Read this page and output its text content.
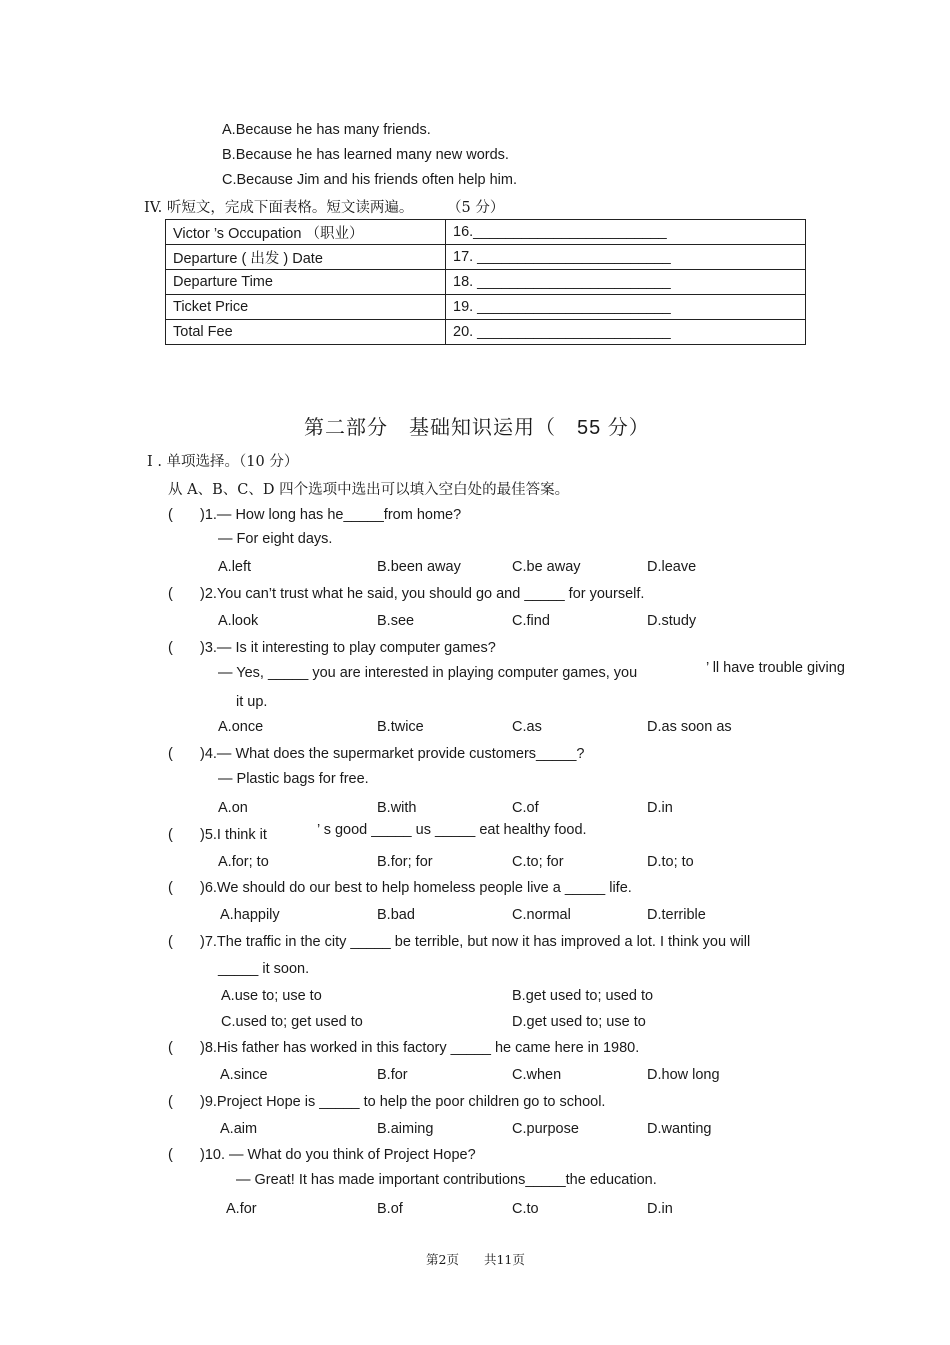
A.Because he has many friends.
B.Because he has learned many new words.
C.Because Jim and his friends often help him.
IV. 听短文，完成下面表格。短文读两遍。 （5 分）
Victor ’s Occupation （职业）	16.________________________
Departure ( 出发 ) Date	17. ________________________
Departure Time	18. ________________________
Ticket Price	19. ________________________
Total Fee	20. ________________________
第二部分　基础知识运用（　55 分）
I . 单项选择。（10 分）
从 A、B、C、D 四个选项中选出可以填入空白处的最佳答案。
( )1.— How long has he_____from home?
— For eight days.
A.left	B.been away	C.be away	D.leave
( )2.You can’t trust what he said, you should go and _____ for yourself.
A.look	B.see	C.find	D.study
( )3.— Is it interesting to play computer games?
— Yes, _____ you are interested in playing computer games, you	’ ll have trouble giving
it up.
A.once	B.twice	C.as	D.as soon as
( )4.— What does the supermarket provide customers_____?
— Plastic bags for free.
A.on	B.with	C.of	D.in
( )5.I think it	’ s good _____ us _____ eat healthy food.
A.for; to	B.for; for	C.to; for	D.to; to
( )6.We should do our best to help homeless people live a _____ life.
A.happily	B.bad	C.normal	D.terrible
( )7.The traffic in the city _____ be terrible, but now it has improved a lot. I think you will
_____ it soon.
A.use to; use to	B.get used to; used to
C.used to; get used to	D.get used to; use to
( )8.His father has worked in this factory _____ he came here in 1980.
A.since	B.for	C.when	D.how long
( )9.Project Hope is _____ to help the poor children go to school.
A.aim	B.aiming	C.purpose	D.wanting
( )10. — What do you think of Project Hope?
— Great! It has made important contributions_____the education.
A.for	B.of	C.to	D.in
第2页　　共11页
